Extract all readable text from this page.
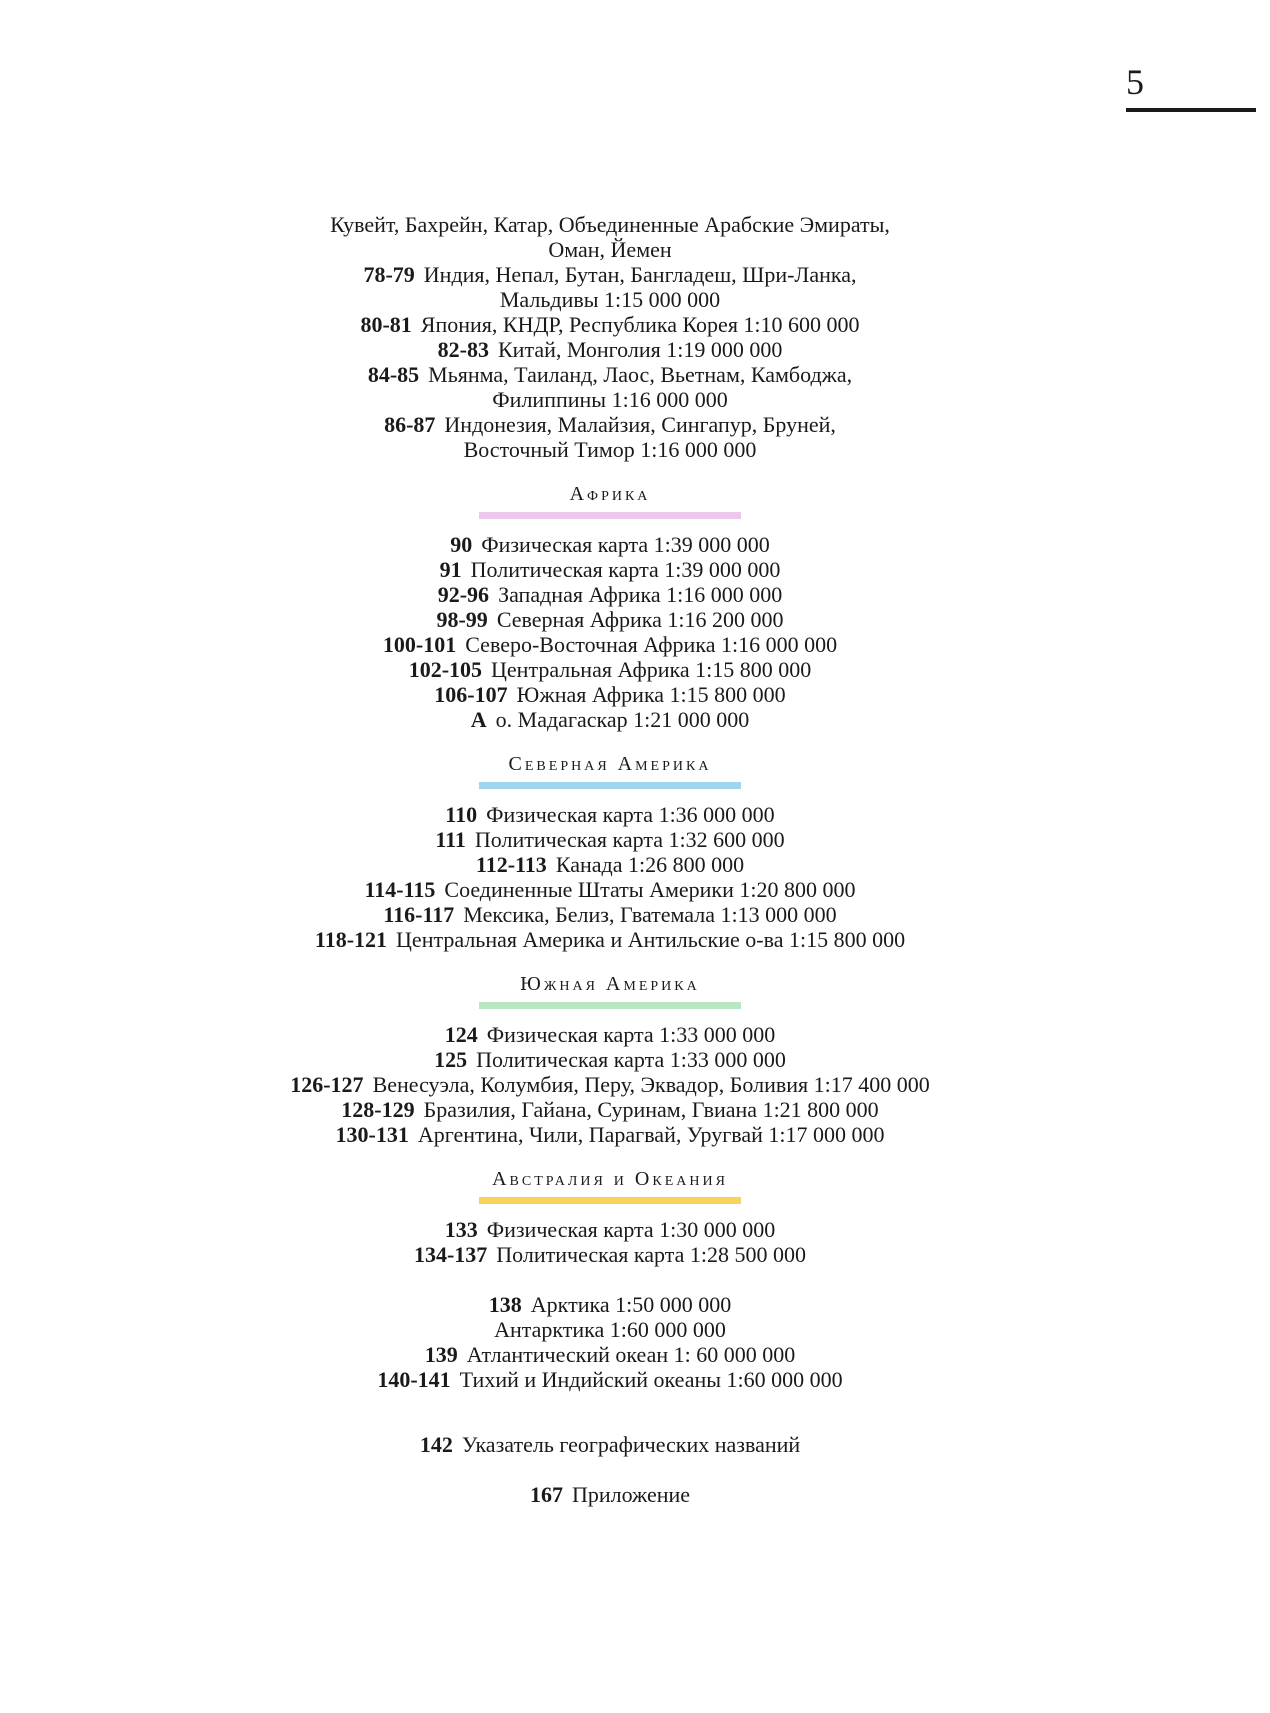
5
Кувейт, Бахрейн, Катар, Объединенные Арабские Эмираты,
Оман, Йемен
78-79 Индия, Непал, Бутан, Бангладеш, Шри-Ланка,
Мальдивы 1:15 000 000
80-81 Япония, КНДР, Республика Корея 1:10 600 000
82-83 Китай, Монголия 1:19 000 000
84-85 Мьянма, Таиланд, Лаос, Вьетнам, Камбоджа,
Филиппины 1:16 000 000
86-87 Индонезия, Малайзия, Сингапур, Бруней,
Восточный Тимор 1:16 000 000
Африка
90 Физическая карта 1:39 000 000
91 Политическая карта 1:39 000 000
92-96 Западная Африка 1:16 000 000
98-99 Северная Африка 1:16 200 000
100-101 Северо-Восточная Африка 1:16 000 000
102-105 Центральная Африка 1:15 800 000
106-107 Южная Африка 1:15 800 000
А о. Мадагаскар 1:21 000 000
Северная Америка
110 Физическая карта 1:36 000 000
111 Политическая карта 1:32 600 000
112-113 Канада 1:26 800 000
114-115 Соединенные Штаты Америки 1:20 800 000
116-117 Мексика, Белиз, Гватемала 1:13 000 000
118-121 Центральная Америка и Антильские о-ва 1:15 800 000
Южная Америка
124 Физическая карта 1:33 000 000
125 Политическая карта 1:33 000 000
126-127 Венесуэла, Колумбия, Перу, Эквадор, Боливия 1:17 400 000
128-129 Бразилия, Гайана, Суринам, Гвиана 1:21 800 000
130-131 Аргентина, Чили, Парагвай, Уругвай 1:17 000 000
Австралия и Океания
133 Физическая карта 1:30 000 000
134-137 Политическая карта 1:28 500 000
138 Арктика 1:50 000 000
Антарктика 1:60 000 000
139 Атлантический океан 1: 60 000 000
140-141 Тихий и Индийский океаны 1:60 000 000
142 Указатель географических названий
167 Приложение
